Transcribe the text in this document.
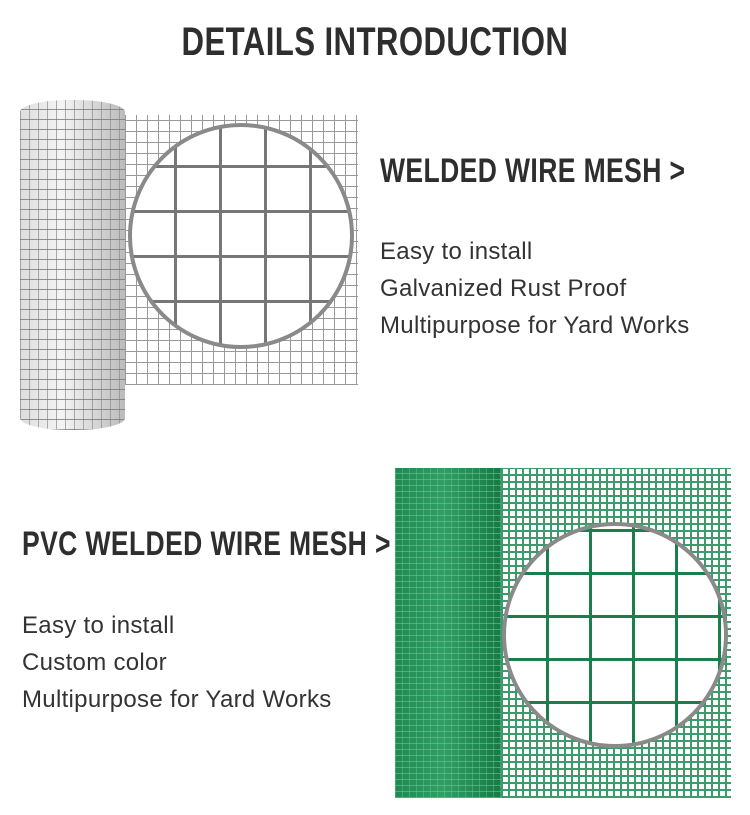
DETAILS INTRODUCTION
WELDED WIRE MESH >
Easy to install
Galvanized Rust Proof
Multipurpose for Yard Works
PVC WELDED WIRE MESH >
Easy to install
Custom color
Multipurpose for Yard Works
